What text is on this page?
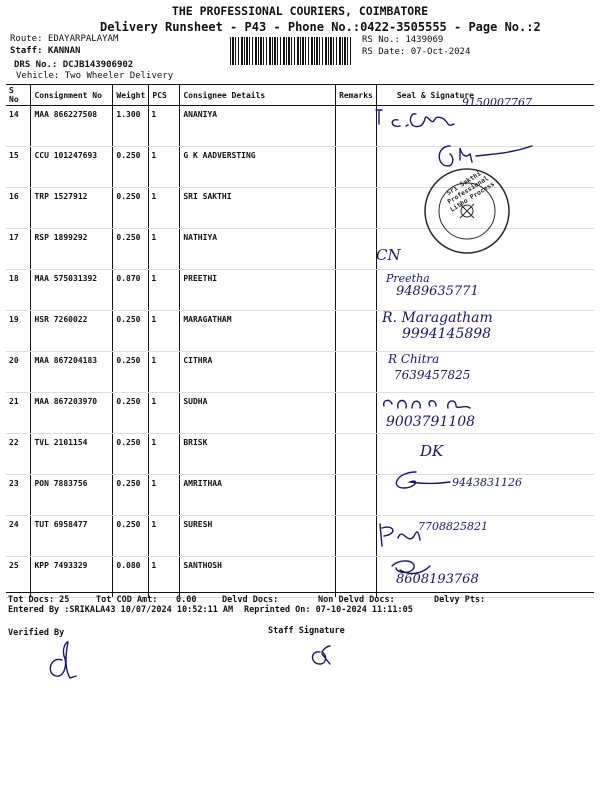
THE PROFESSIONAL COURIERS, COIMBATORE
Delivery Runsheet - P43 - Phone No.:0422-3505555 - Page No.:2
Route: EDAYARPALAYAM
Staff: KANNAN
DRS No.: DCJB143906902
Vehicle: Two Wheeler Delivery
RS No.: 1439069
RS Date: 07-Oct-2024
S No	Consignment No	Weight	PCS	Consignee Details	Remarks	Seal & Signature
14	MAA 866227508	1.300	1	ANANIYA		
15	CCU 101247693	0.250	1	G K AADVERSTING		
16	TRP 1527912	0.250	1	SRI SAKTHI		
17	RSP 1899292	0.250	1	NATHIYA		
18	MAA 575031392	0.870	1	PREETHI		
19	HSR 7260022	0.250	1	MARAGATHAM		
20	MAA 867204183	0.250	1	CITHRA		
21	MAA 867203970	0.250	1	SUDHA		
22	TVL 2101154	0.250	1	BRISK		
23	PON 7883756	0.250	1	AMRITHAA		
24	TUT 6958477	0.250	1	SURESH		
25	KPP 7493329	0.080	1	SANTHOSH		
9150007767
Sri Sakthi Professional Litho Process
CN
Preetha
9489635771
R. Maragatham
9994145898
R Chitra
7639457825
9003791108
DK
9443831126
7708825821
8608193768
Tot Docs: 25	Tot COD Amt: 0.00	Delvd Docs:	Non Delvd Docs:	Delvy Pts:
Entered By :SRIKALA43 10/07/2024 10:52:11 AM Reprinted On: 07-10-2024 11:11:05
Verified By	Staff Signature
